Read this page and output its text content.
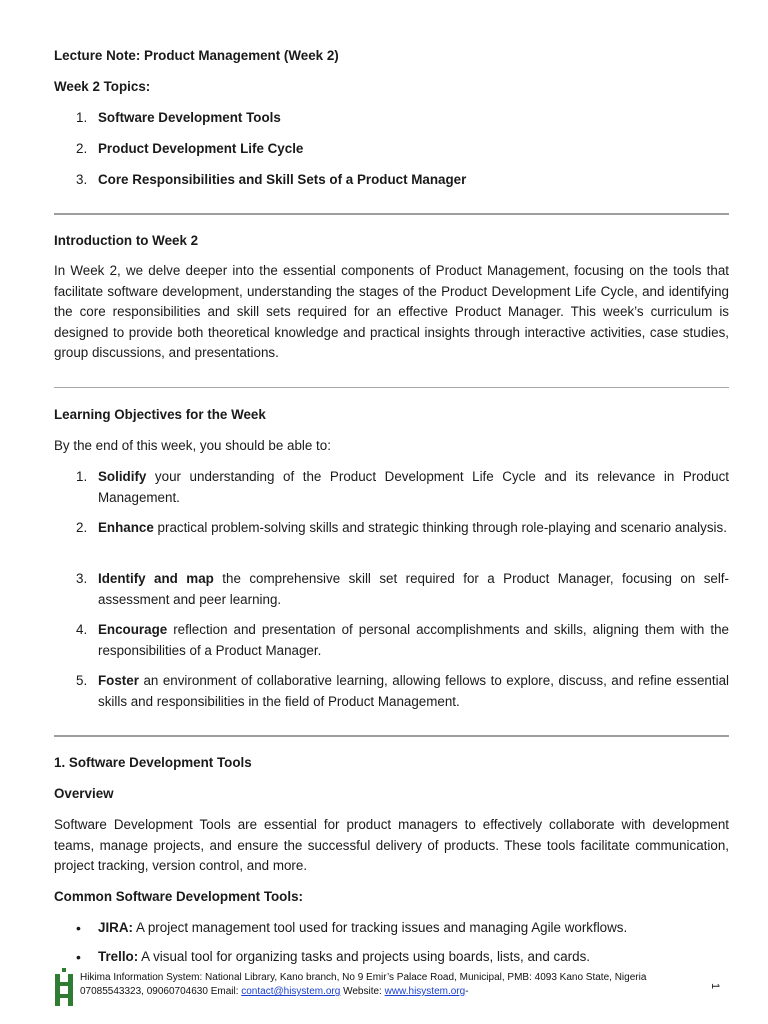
Lecture Note: Product Management (Week 2)
Week 2 Topics:
1. Software Development Tools
2. Product Development Life Cycle
3. Core Responsibilities and Skill Sets of a Product Manager
Introduction to Week 2
In Week 2, we delve deeper into the essential components of Product Management, focusing on the tools that facilitate software development, understanding the stages of the Product Development Life Cycle, and identifying the core responsibilities and skill sets required for an effective Product Manager. This week’s curriculum is designed to provide both theoretical knowledge and practical insights through interactive activities, case studies, group discussions, and presentations.
Learning Objectives for the Week
By the end of this week, you should be able to:
1. Solidify your understanding of the Product Development Life Cycle and its relevance in Product Management.
2. Enhance practical problem-solving skills and strategic thinking through role-playing and scenario analysis.
3. Identify and map the comprehensive skill set required for a Product Manager, focusing on self-assessment and peer learning.
4. Encourage reflection and presentation of personal accomplishments and skills, aligning them with the responsibilities of a Product Manager.
5. Foster an environment of collaborative learning, allowing fellows to explore, discuss, and refine essential skills and responsibilities in the field of Product Management.
1. Software Development Tools
Overview
Software Development Tools are essential for product managers to effectively collaborate with development teams, manage projects, and ensure the successful delivery of products. These tools facilitate communication, project tracking, version control, and more.
Common Software Development Tools:
• JIRA: A project management tool used for tracking issues and managing Agile workflows.
• Trello: A visual tool for organizing tasks and projects using boards, lists, and cards.
Hikima Information System: National Library, Kano branch, No 9 Emir’s Palace Road, Municipal, PMB: 4093 Kano State, Nigeria
07085543323, 09060704630 Email: contact@hisystem.org Website: www.hisystem.org-	1
